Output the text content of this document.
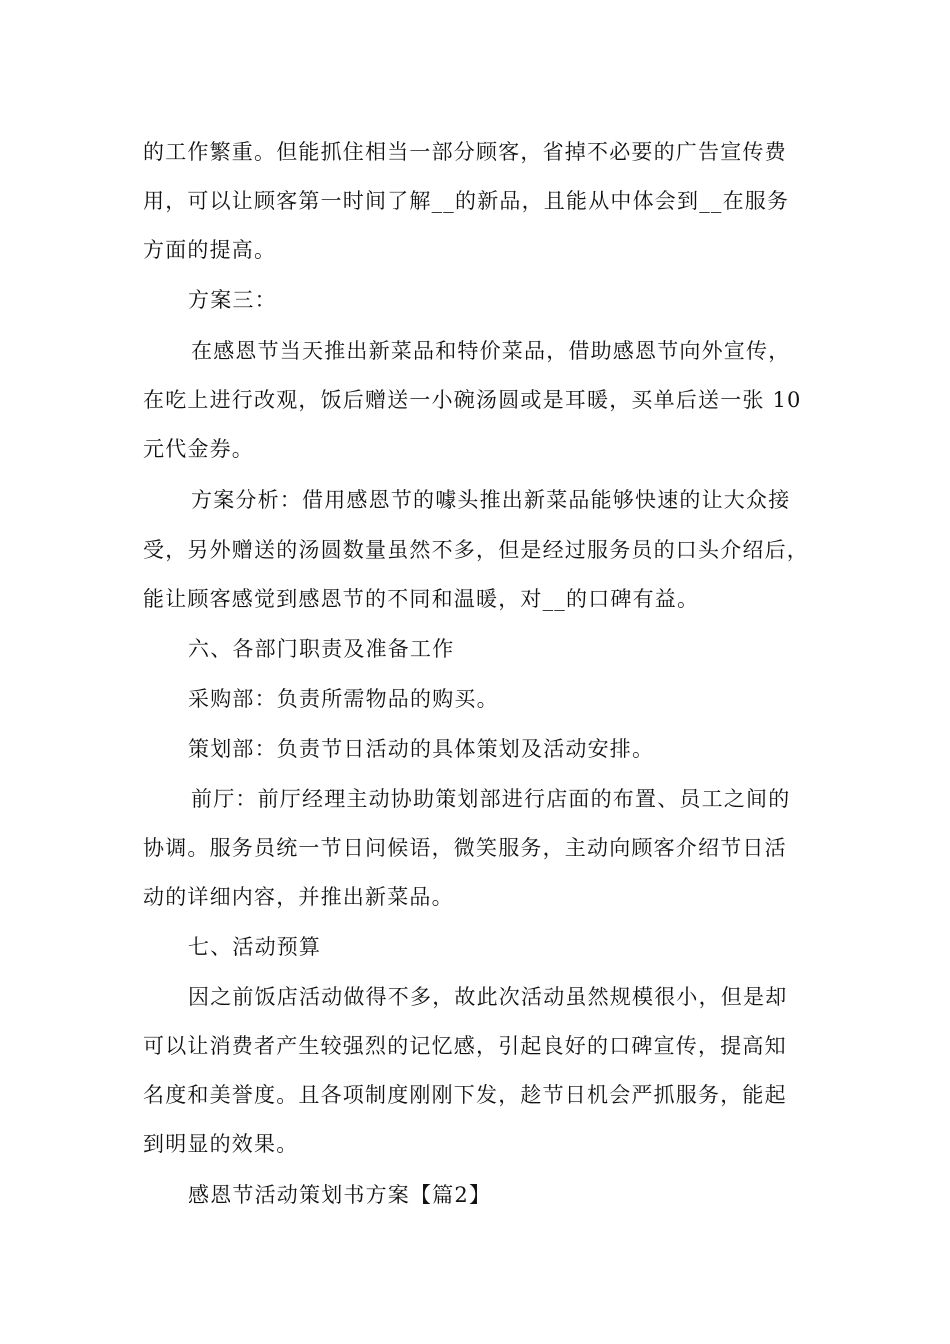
的工作繁重。但能抓住相当一部分顾客，省掉不必要的广告宣传费

用，可以让顾客第一时间了解__的新品，且能从中体会到__在服务

方面的提高。

方案三：

在感恩节当天推出新菜品和特价菜品，借助感恩节向外宣传，

在吃上进行改观，饭后赠送一小碗汤圆或是耳暖，买单后送一张 10

元代金券。

方案分析：借用感恩节的噱头推出新菜品能够快速的让大众接

受，另外赠送的汤圆数量虽然不多，但是经过服务员的口头介绍后，

能让顾客感觉到感恩节的不同和温暖，对__的口碑有益。

六、各部门职责及准备工作

采购部：负责所需物品的购买。

策划部：负责节日活动的具体策划及活动安排。

前厅：前厅经理主动协助策划部进行店面的布置、员工之间的

协调。服务员统一节日问候语，微笑服务，主动向顾客介绍节日活

动的详细内容，并推出新菜品。

七、活动预算

因之前饭店活动做得不多，故此次活动虽然规模很小，但是却

可以让消费者产生较强烈的记忆感，引起良好的口碑宣传，提高知

名度和美誉度。且各项制度刚刚下发，趁节日机会严抓服务，能起

到明显的效果。

感恩节活动策划书方案【篇2】
